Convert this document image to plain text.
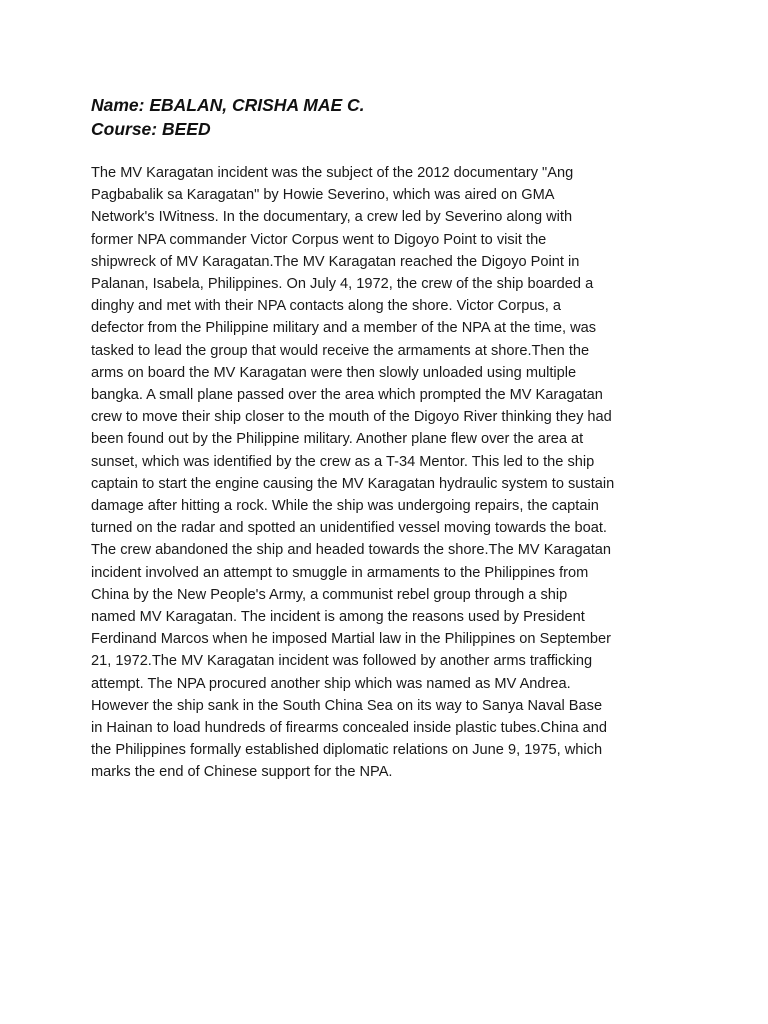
Name: EBALAN, CRISHA MAE C.
Course: BEED
The MV Karagatan incident was the subject of the 2012 documentary "Ang
Pagbabalik sa Karagatan" by Howie Severino, which was aired on GMA
Network's IWitness. In the documentary, a crew led by Severino along with
former NPA commander Victor Corpus went to Digoyo Point to visit the
shipwreck of MV Karagatan.The MV Karagatan reached the Digoyo Point in
Palanan, Isabela, Philippines. On July 4, 1972, the crew of the ship boarded a
dinghy and met with their NPA contacts along the shore. Victor Corpus, a
defector from the Philippine military and a member of the NPA at the time, was
tasked to lead the group that would receive the armaments at shore.Then the
arms on board the MV Karagatan were then slowly unloaded using multiple
bangka. A small plane passed over the area which prompted the MV Karagatan
crew to move their ship closer to the mouth of the Digoyo River thinking they had
been found out by the Philippine military. Another plane flew over the area at
sunset, which was identified by the crew as a T-34 Mentor. This led to the ship
captain to start the engine causing the MV Karagatan hydraulic system to sustain
damage after hitting a rock. While the ship was undergoing repairs, the captain
turned on the radar and spotted an unidentified vessel moving towards the boat.
The crew abandoned the ship and headed towards the shore.The MV Karagatan
incident involved an attempt to smuggle in armaments to the Philippines from
China by the New People's Army, a communist rebel group through a ship
named MV Karagatan. The incident is among the reasons used by President
Ferdinand Marcos when he imposed Martial law in the Philippines on September
21, 1972.The MV Karagatan incident was followed by another arms trafficking
attempt. The NPA procured another ship which was named as MV Andrea.
However the ship sank in the South China Sea on its way to Sanya Naval Base
in Hainan to load hundreds of firearms concealed inside plastic tubes.China and
the Philippines formally established diplomatic relations on June 9, 1975, which
marks the end of Chinese support for the NPA.
